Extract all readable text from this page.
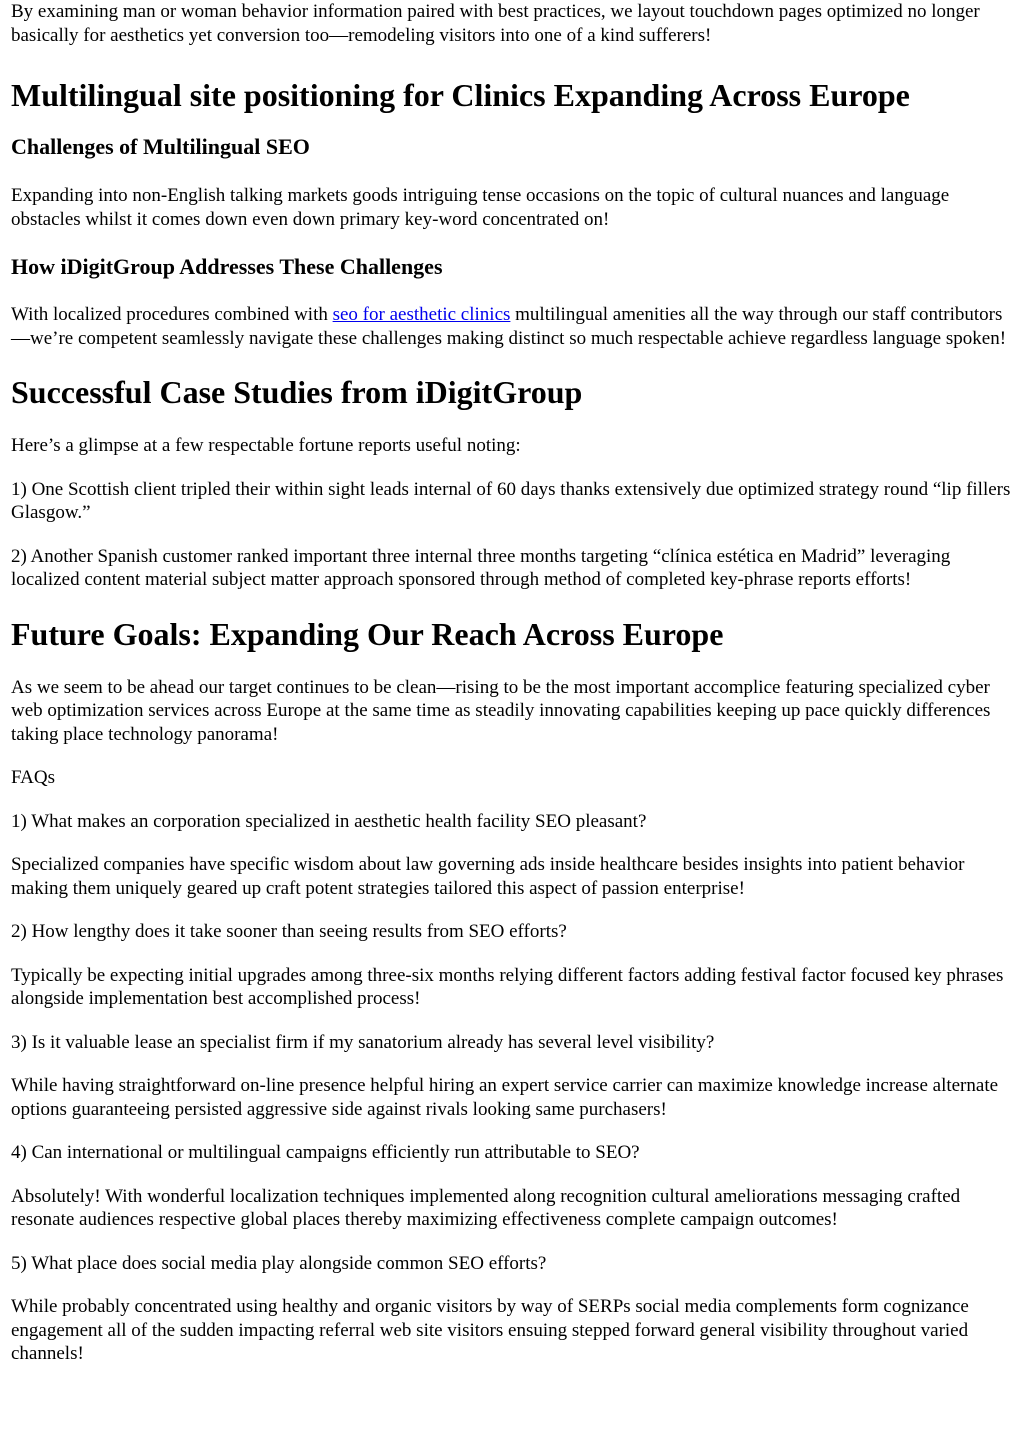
By examining man or woman behavior information paired with best practices, we layout touchdown pages optimized no longer basically for aesthetics yet conversion too—remodeling visitors into one of a kind sufferers!

Multilingual site positioning for Clinics Expanding Across Europe
Challenges of Multilingual SEO

Expanding into non-English talking markets goods intriguing tense occasions on the topic of cultural nuances and language obstacles whilst it comes down even down primary key-word concentrated on!

How iDigitGroup Addresses These Challenges

With localized procedures combined with seo for aesthetic clinics multilingual amenities all the way through our staff contributors—we’re competent seamlessly navigate these challenges making distinct so much respectable achieve regardless language spoken!

Successful Case Studies from iDigitGroup

Here’s a glimpse at a few respectable fortune reports useful noting:

1) One Scottish client tripled their within sight leads internal of 60 days thanks extensively due optimized strategy round “lip fillers Glasgow.”

2) Another Spanish customer ranked important three internal three months targeting “clínica estética en Madrid” leveraging localized content material subject matter approach sponsored through method of completed key-phrase reports efforts!

Future Goals: Expanding Our Reach Across Europe

As we seem to be ahead our target continues to be clean—rising to be the most important accomplice featuring specialized cyber web optimization services across Europe at the same time as steadily innovating capabilities keeping up pace quickly differences taking place technology panorama!

FAQs

1) What makes an corporation specialized in aesthetic health facility SEO pleasant?

Specialized companies have specific wisdom about law governing ads inside healthcare besides insights into patient behavior making them uniquely geared up craft potent strategies tailored this aspect of passion enterprise!

2) How lengthy does it take sooner than seeing results from SEO efforts?

Typically be expecting initial upgrades among three-six months relying different factors adding festival factor focused key phrases alongside implementation best accomplished process!

3) Is it valuable lease an specialist firm if my sanatorium already has several level visibility?

While having straightforward on-line presence helpful hiring an expert service carrier can maximize knowledge increase alternate options guaranteeing persisted aggressive side against rivals looking same purchasers!

4) Can international or multilingual campaigns efficiently run attributable to SEO?

Absolutely! With wonderful localization techniques implemented along recognition cultural ameliorations messaging crafted resonate audiences respective global places thereby maximizing effectiveness complete campaign outcomes!

5) What place does social media play alongside common SEO efforts?

While probably concentrated using healthy and organic visitors by way of SERPs social media complements form cognizance engagement all of the sudden impacting referral web site visitors ensuing stepped forward general visibility throughout varied channels!
